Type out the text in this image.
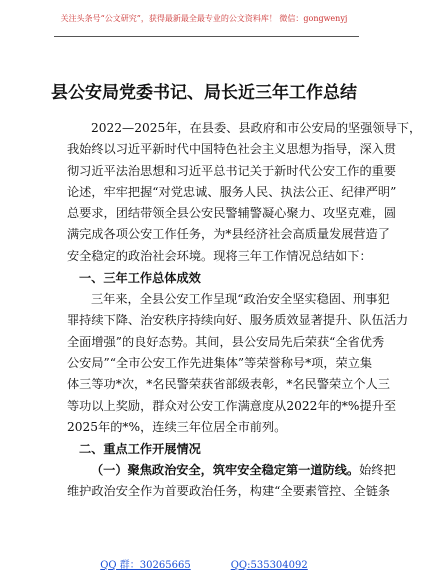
关注头条号“公文研究”，获得最新最全最专业的公文资料库！ 微信：gongwenyj
县公安局党委书记、局长近三年工作总结
2022—2025年，在县委、县政府和市公安局的坚强领导下，
我始终以习近平新时代中国特色社会主义思想为指导，深入贯
彻习近平法治思想和习近平总书记关于新时代公安工作的重要
论述，牢牢把握“对党忠诚、服务人民、执法公正、纪律严明”
总要求，团结带领全县公安民警辅警凝心聚力、攻坚克难，圆
满完成各项公安工作任务，为*县经济社会高质量发展营造了
安全稳定的政治社会环境。现将三年工作情况总结如下：
一、三年工作总体成效
三年来，全县公安工作呈现“政治安全坚实稳固、刑事犯
罪持续下降、治安秩序持续向好、服务质效显著提升、队伍活力
全面增强”的良好态势。其间，县公安局先后荣获“全省优秀
公安局”“全市公安工作先进集体”等荣誉称号*项，荣立集
体三等功*次，*名民警荣获省部级表彰，*名民警荣立个人三
等功以上奖励，群众对公安工作满意度从2022年的*%提升至
2025年的*%，连续三年位居全市前列。
二、重点工作开展情况
（一）聚焦政治安全，筑牢安全稳定第一道防线。始终把
维护政治安全作为首要政治任务，构建“全要素管控、全链条
QQ 群：30265665	QQ:535304092
